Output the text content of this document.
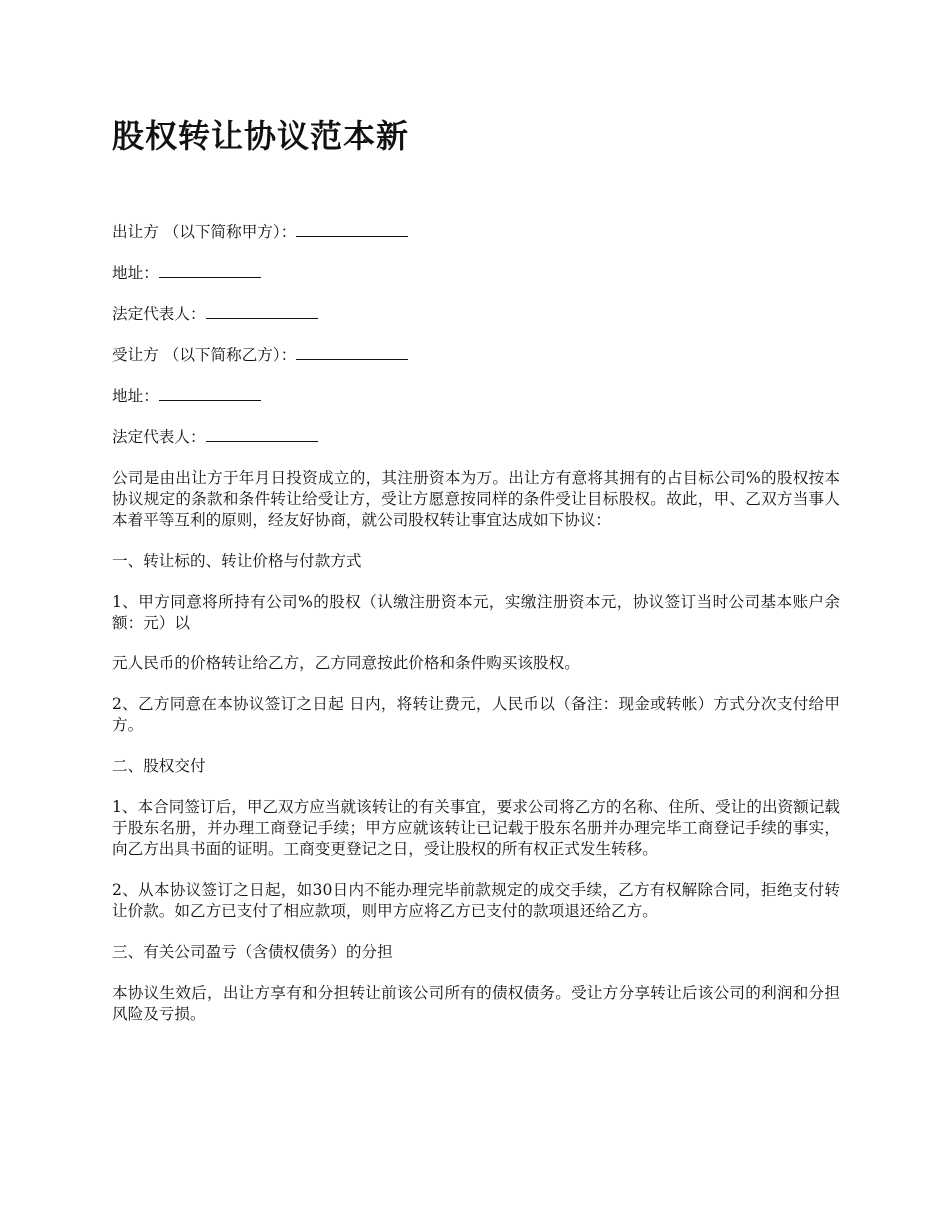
股权转让协议范本新

出让方 （以下简称甲方）：

地址：

法定代表人：

受让方 （以下简称乙方）：

地址：

法定代表人：

公司是由出让方于年月日投资成立的，其注册资本为万。出让方有意将其拥有的占目标公司%的股权按本协议规定的条款和条件转让给受让方，受让方愿意按同样的条件受让目标股权。故此，甲、乙双方当事人本着平等互利的原则，经友好协商，就公司股权转让事宜达成如下协议：

一、转让标的、转让价格与付款方式

1、甲方同意将所持有公司%的股权（认缴注册资本元，实缴注册资本元，协议签订当时公司基本账户余额：元）以

元人民币的价格转让给乙方，乙方同意按此价格和条件购买该股权。

2、乙方同意在本协议签订之日起 日内，将转让费元，人民币以（备注：现金或转帐）方式分次支付给甲方。

二、股权交付

1、本合同签订后，甲乙双方应当就该转让的有关事宜，要求公司将乙方的名称、住所、受让的出资额记载于股东名册，并办理工商登记手续；甲方应就该转让已记载于股东名册并办理完毕工商登记手续的事实，向乙方出具书面的证明。工商变更登记之日，受让股权的所有权正式发生转移。

2、从本协议签订之日起，如30日内不能办理完毕前款规定的成交手续，乙方有权解除合同，拒绝支付转让价款。如乙方已支付了相应款项，则甲方应将乙方已支付的款项退还给乙方。

三、有关公司盈亏（含债权债务）的分担

本协议生效后，出让方享有和分担转让前该公司所有的债权债务。受让方分享转让后该公司的利润和分担风险及亏损。
